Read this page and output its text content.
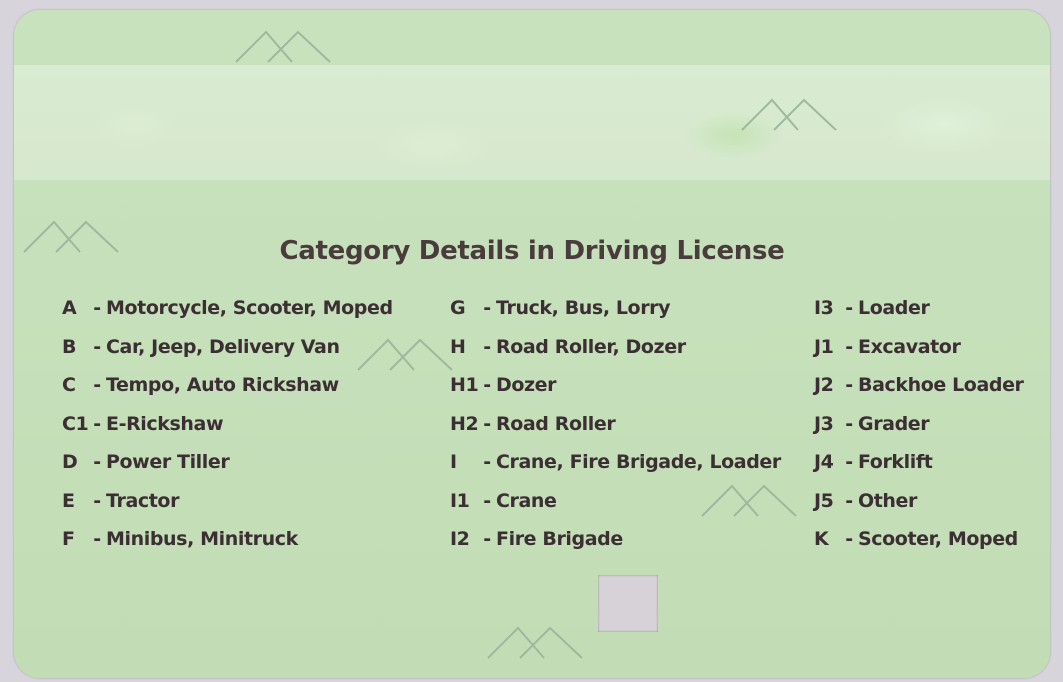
Category Details in Driving License
A - Motorcycle, Scooter, Moped
B - Car, Jeep, Delivery Van
C - Tempo, Auto Rickshaw
C1 - E-Rickshaw
D - Power Tiller
E - Tractor
F - Minibus, Minitruck
G - Truck, Bus, Lorry
H - Road Roller, Dozer
H1 - Dozer
H2 - Road Roller
I	- Crane, Fire Brigade, Loader
I1 - Crane
I2 - Fire Brigade
I3 - Loader
J1 - Excavator
J2 - Backhoe Loader
J3 - Grader
J4 - Forklift
J5 - Other
K - Scooter, Moped
